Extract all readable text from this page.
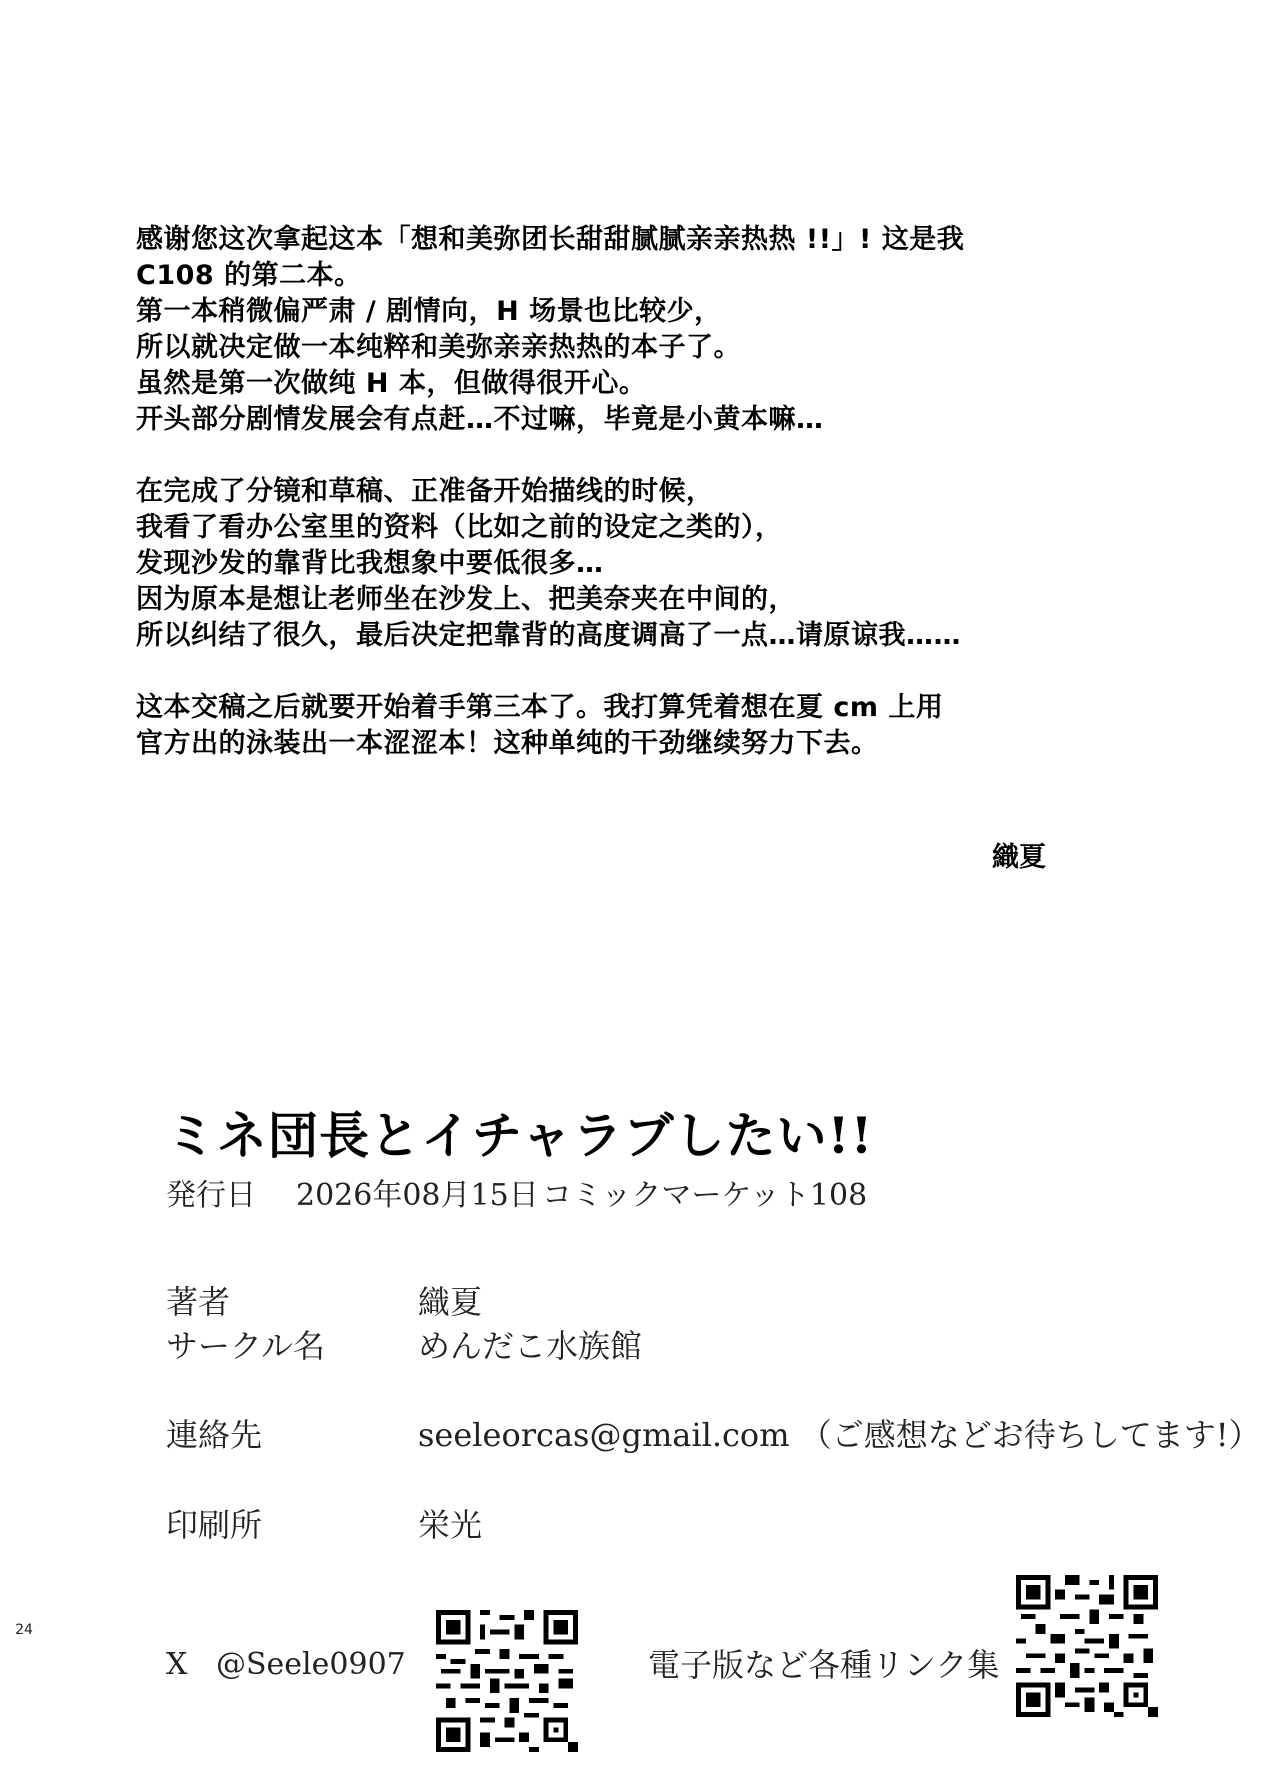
感谢您这次拿起这本「想和美弥团长甜甜腻腻亲亲热热 !!」! 这是我
C108 的第二本。
第一本稍微偏严肃 / 剧情向，H 场景也比较少，
所以就决定做一本纯粹和美弥亲亲热热的本子了。
虽然是第一次做纯 H 本，但做得很开心。
开头部分剧情发展会有点赶…不过嘛，毕竟是小黄本嘛…
在完成了分镜和草稿、正准备开始描线的时候，
我看了看办公室里的资料（比如之前的设定之类的），
发现沙发的靠背比我想象中要低很多…
因为原本是想让老师坐在沙发上、把美奈夹在中间的，
所以纠结了很久，最后决定把靠背的高度调高了一点…请原谅我……
这本交稿之后就要开始着手第三本了。我打算凭着想在夏 cm 上用
官方出的泳装出一本涩涩本！这种单纯的干劲继续努力下去。
織夏
ミネ団長とイチャラブしたい!!
発行日 2026年08月15日 コミックマーケット108
著者	織夏
サークル名	めんだこ水族館
連絡先	seeleorcas@gmail.com （ご感想などお待ちしてます!）
印刷所	栄光
24
X @Seele0907	電子版など各種リンク集
